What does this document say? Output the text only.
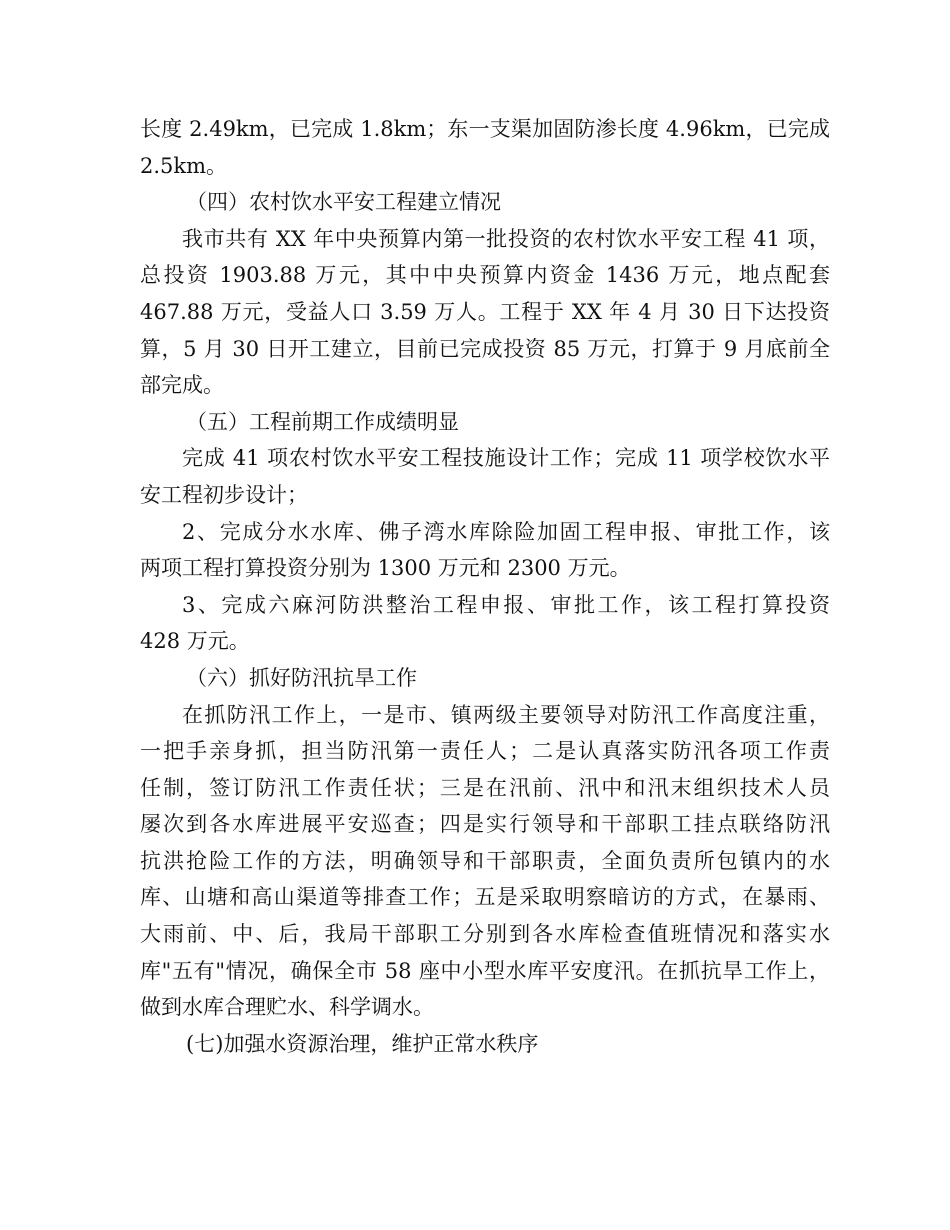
长度 2.49km，已完成 1.8km；东一支渠加固防渗长度 4.96km，已完成
2.5km。
（四）农村饮水平安工程建立情况
我市共有 XX 年中央预算内第一批投资的农村饮水平安工程 41 项，
总投资 1903.88 万元，其中中央预算内资金 1436 万元，地点配套
467.88 万元，受益人口 3.59 万人。工程于 XX 年 4 月 30 日下达投资
算，5 月 30 日开工建立，目前已完成投资 85 万元，打算于 9 月底前全
部完成。
（五）工程前期工作成绩明显
完成 41 项农村饮水平安工程技施设计工作；完成 11 项学校饮水平
安工程初步设计；
2、完成分水水库、佛子湾水库除险加固工程申报、审批工作，该
两项工程打算投资分别为 1300 万元和 2300 万元。
3、完成六麻河防洪整治工程申报、审批工作，该工程打算投资
428 万元。
（六）抓好防汛抗旱工作
在抓防汛工作上，一是市、镇两级主要领导对防汛工作高度注重，
一把手亲身抓，担当防汛第一责任人；二是认真落实防汛各项工作责
任制，签订防汛工作责任状；三是在汛前、汛中和汛末组织技术人员
屡次到各水库进展平安巡查；四是实行领导和干部职工挂点联络防汛
抗洪抢险工作的方法，明确领导和干部职责，全面负责所包镇内的水
库、山塘和高山渠道等排查工作；五是采取明察暗访的方式，在暴雨、
大雨前、中、后，我局干部职工分别到各水库检查值班情况和落实水
库"五有"情况，确保全市 58 座中小型水库平安度汛。在抓抗旱工作上，
做到水库合理贮水、科学调水。
(七)加强水资源治理，维护正常水秩序
